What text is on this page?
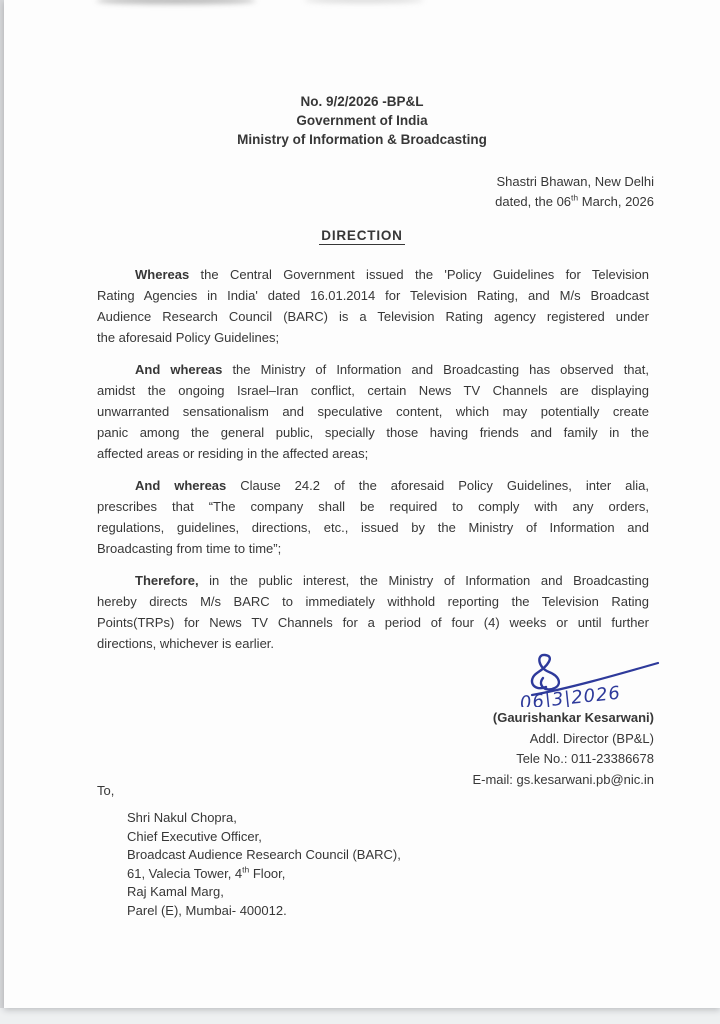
No. 9/2/2026 -BP&L
Government of India
Ministry of Information & Broadcasting
Shastri Bhawan, New Delhi
dated, the 06th March, 2026
DIRECTION
Whereas the Central Government issued the 'Policy Guidelines for Television
Rating Agencies in India' dated 16.01.2014 for Television Rating, and M/s Broadcast
Audience Research Council (BARC) is a Television Rating agency registered under
the aforesaid Policy Guidelines;
And whereas the Ministry of Information and Broadcasting has observed that,
amidst the ongoing Israel–Iran conflict, certain News TV Channels are displaying
unwarranted sensationalism and speculative content, which may potentially create
panic among the general public, specially those having friends and family in the
affected areas or residing in the affected areas;
And whereas Clause 24.2 of the aforesaid Policy Guidelines, inter alia,
prescribes that “The company shall be required to comply with any orders,
regulations, guidelines, directions, etc., issued by the Ministry of Information and
Broadcasting from time to time”;
Therefore, in the public interest, the Ministry of Information and Broadcasting
hereby directs M/s BARC to immediately withhold reporting the Television Rating
Points(TRPs) for News TV Channels for a period of four (4) weeks or until further
directions, whichever is earlier.
06|3|2026
(Gaurishankar Kesarwani)
Addl. Director (BP&L)
Tele No.: 011-23386678
E-mail: gs.kesarwani.pb@nic.in
To,
Shri Nakul Chopra,
Chief Executive Officer,
Broadcast Audience Research Council (BARC),
61, Valecia Tower, 4th Floor,
Raj Kamal Marg,
Parel (E), Mumbai- 400012.
